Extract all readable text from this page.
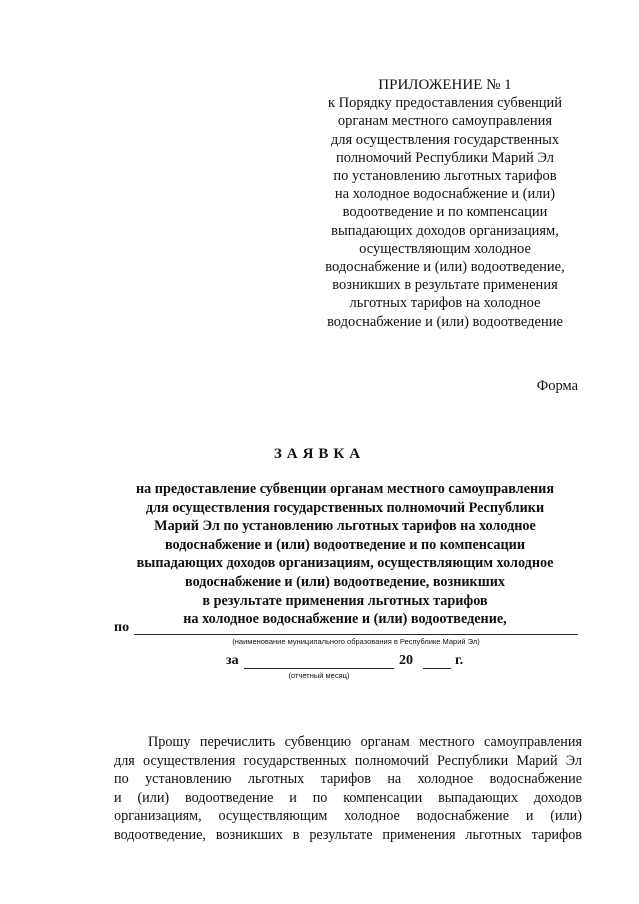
ПРИЛОЖЕНИЕ № 1
к Порядку предоставления субвенций
органам местного самоуправления
для осуществления государственных
полномочий Республики Марий Эл
по установлению льготных тарифов
на холодное водоснабжение и (или)
водоотведение и по компенсации
выпадающих доходов организациям,
осуществляющим холодное
водоснабжение и (или) водоотведение,
возникших в результате применения
льготных тарифов на холодное
водоснабжение и (или) водоотведение
Форма
ЗАЯВКА
на предоставление субвенции органам местного самоуправления
для осуществления государственных полномочий Республики
Марий Эл по установлению льготных тарифов на холодное
водоснабжение и (или) водоотведение и по компенсации
выпадающих доходов организациям, осуществляющим холодное
водоснабжение и (или) водоотведение, возникших
в результате применения льготных тарифов
на холодное водоснабжение и (или) водоотведение,
по
(наименование муниципального образования в Республике Марий Эл)
за	20	г.
(отчетный месяц)
Прошу перечислить субвенцию органам местного самоуправления
для осуществления государственных полномочий Республики Марий Эл
по установлению льготных тарифов на холодное водоснабжение
и (или) водоотведение и по компенсации выпадающих доходов
организациям, осуществляющим холодное водоснабжение и (или)
водоотведение, возникших в результате применения льготных тарифов
